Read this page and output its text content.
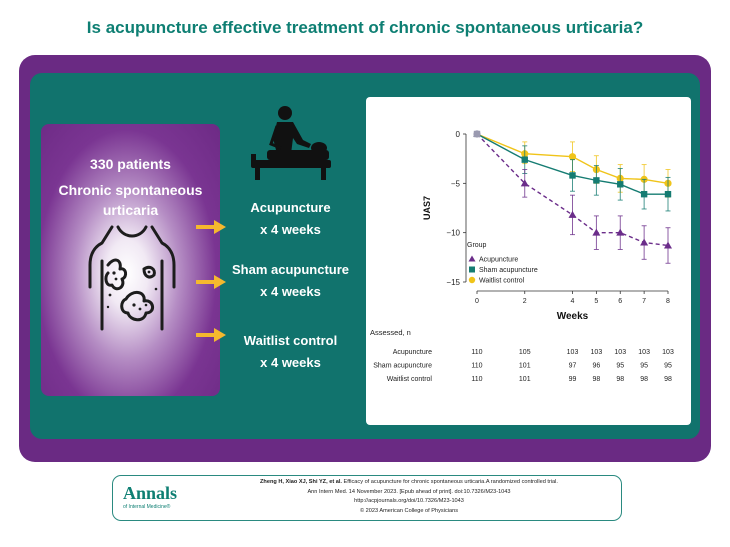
Is acupuncture effective treatment of chronic spontaneous urticaria?
330 patients
Chronic spontaneous urticaria	Acupuncture
x 4 weeks
Sham acupuncture
x 4 weeks
Waitlist control
x 4 weeks
0
−5
−10
−15
0	2	4	5	6	7	8
UAS7
Weeks
Group
Acupuncture
Sham acupuncture
Waitlist control
Assessed, n
Acupuncture	110	105	103 103 103 103 103
Sham acupuncture	110	101	97 96 95 95 95
Waitlist control	110	101	99 98 98 98 98
Annals
of Internal Medicine®
Zheng H, Xiao XJ, Shi YZ, et al. Efficacy of acupuncture for chronic spontaneous urticaria.A randomized controlled trial.
Ann Intern Med. 14 November 2023. [Epub ahead of print]. doi:10.7326/M23-1043
http://acpjournals.org/doi/10.7326/M23-1043
© 2023 American College of Physicians
